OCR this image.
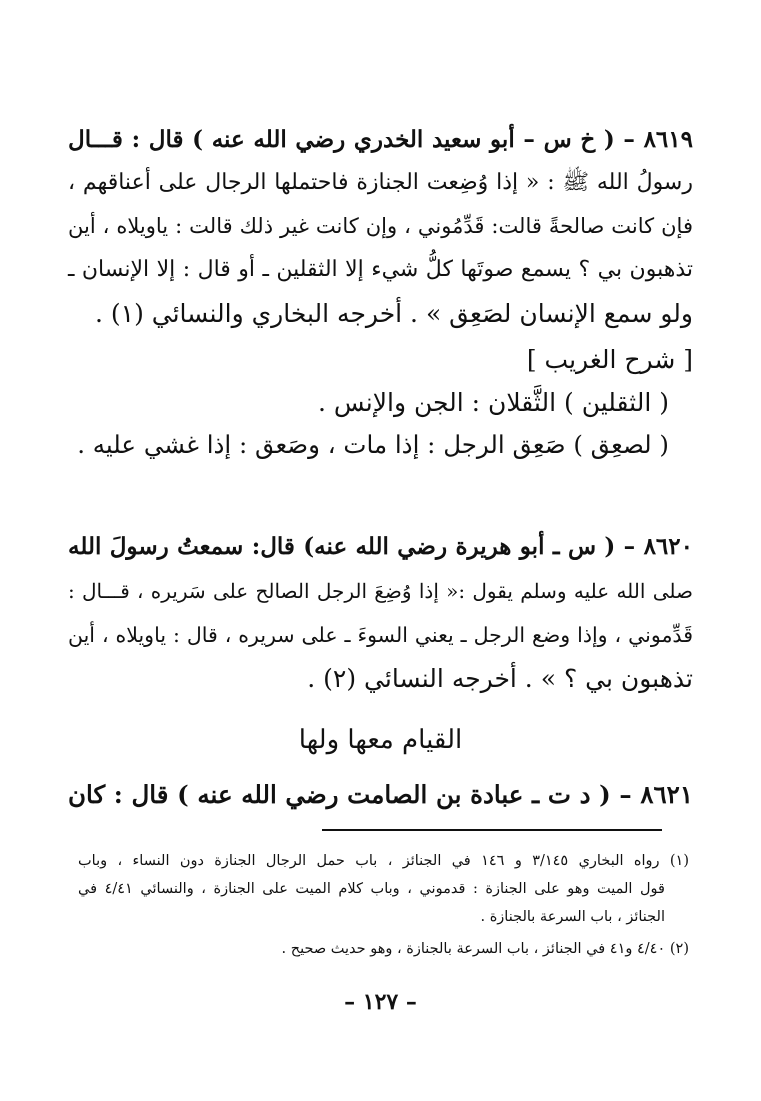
٨٦١٩ – ( خ س – أبو سعيد الخدري رضي الله عنه ) قال : قـــال
رسولُ الله ﷺ : « إذا وُضِعت الجنازة فاحتملها الرجال على أعناقهم ،
فإن كانت صالحةً قالت: قَدِّمُوني ، وإن كانت غير ذلك قالت : ياويلاه ، أين
تذهبون بي ؟ يسمع صوتَها كلُّ شيء إلا الثقلين ـ أو قال : إلا الإنسان ـ
ولو سمع الإنسان لصَعِق » . أخرجه البخاري والنسائي (١) .
[ شرح الغريب ]
( الثقلين ) الثَّقلان : الجن والإنس .
( لصعِق ) صَعِق الرجل : إذا مات ، وصَعق : إذا غشي عليه .
٨٦٢٠ – ( س ـ أبو هريرة رضي الله عنه) قال: سمعتُ رسولَ الله
صلى الله عليه وسلم يقول :« إذا وُضِعَ الرجل الصالح على سَريره ، قـــال :
قَدِّموني ، وإذا وضع الرجل ـ يعني السوءَ ـ على سريره ، قال : ياويلاه ، أين
تذهبون بي ؟ » . أخرجه النسائي (٢) .
القيام معها ولها
٨٦٢١ – ( د ت ـ عبادة بن الصامت رضي الله عنه ) قال : كان
(١) رواه البخاري ٣/١٤٥ و ١٤٦ في الجنائز ، باب حمل الرجال الجنازة دون النساء ، وباب
قول الميت وهو على الجنازة : قدموني ، وباب كلام الميت على الجنازة ، والنسائي ٤/٤١ في
الجنائز ، باب السرعة بالجنازة .
(٢) ٤/٤٠ و٤١ في الجنائز ، باب السرعة بالجنازة ، وهو حديث صحيح .
– ١٢٧ –
